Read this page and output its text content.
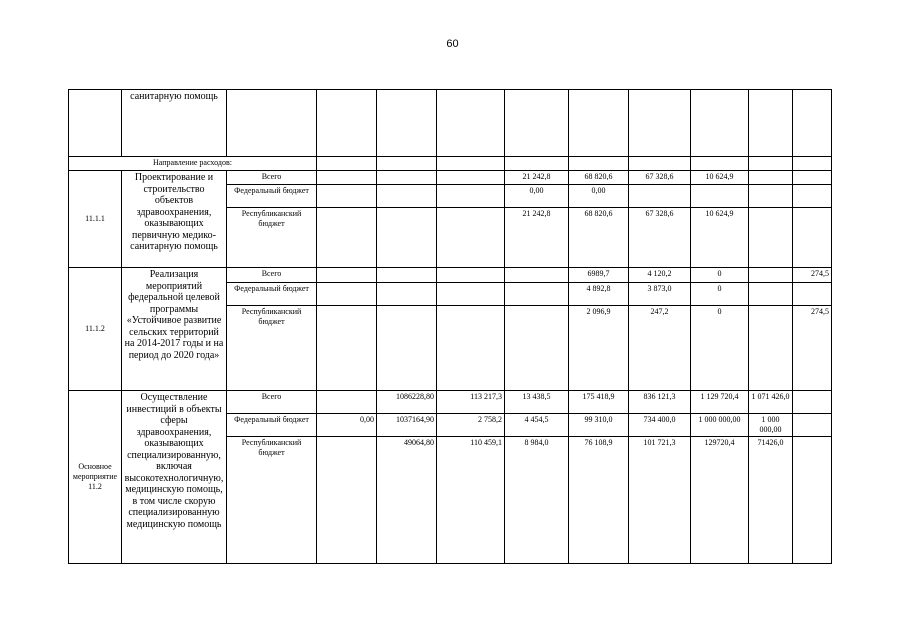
60
	санитарную помощь										
Направление расходов:											
11.1.1	Проектирование и строительство объектов здравоохранения, оказывающих первичную медико-санитарную помощь	Всего				21 242,8	68 820,6	67 328,6	10 624,9		
		Федеральный бюджет				0,00	0,00				
		Республиканский бюджет				21 242,8	68 820,6	67 328,6	10 624,9		
11.1.2	Реализация мероприятий федеральной целевой программы «Устойчивое развитие сельских территорий на 2014-2017 годы и на период до 2020 года»	Всего					6989,7	4 120,2	0		274,5
		Федеральный бюджет					4 892,8	3 873,0	0		
		Республиканский бюджет					2 096,9	247,2	0		274,5
Основное мероприятие 11.2	Осуществление инвестиций в объекты сферы здравоохранения, оказывающих специализированную, включая высокотехнологичную, медицинскую помощь, в том числе скорую специализированную медицинскую помощь	Всего		1086228,80	113 217,3	13 438,5	175 418,9	836 121,3	1 129 720,4	1 071 426,0	
		Федеральный бюджет	0,00	1037164,90	2 758,2	4 454,5	99 310,0	734 400,0	1 000 000,00	1 000 000,00	
		Республиканский бюджет		49064,80	110 459,1	8 984,0	76 108,9	101 721,3	129720,4	71426,0	
